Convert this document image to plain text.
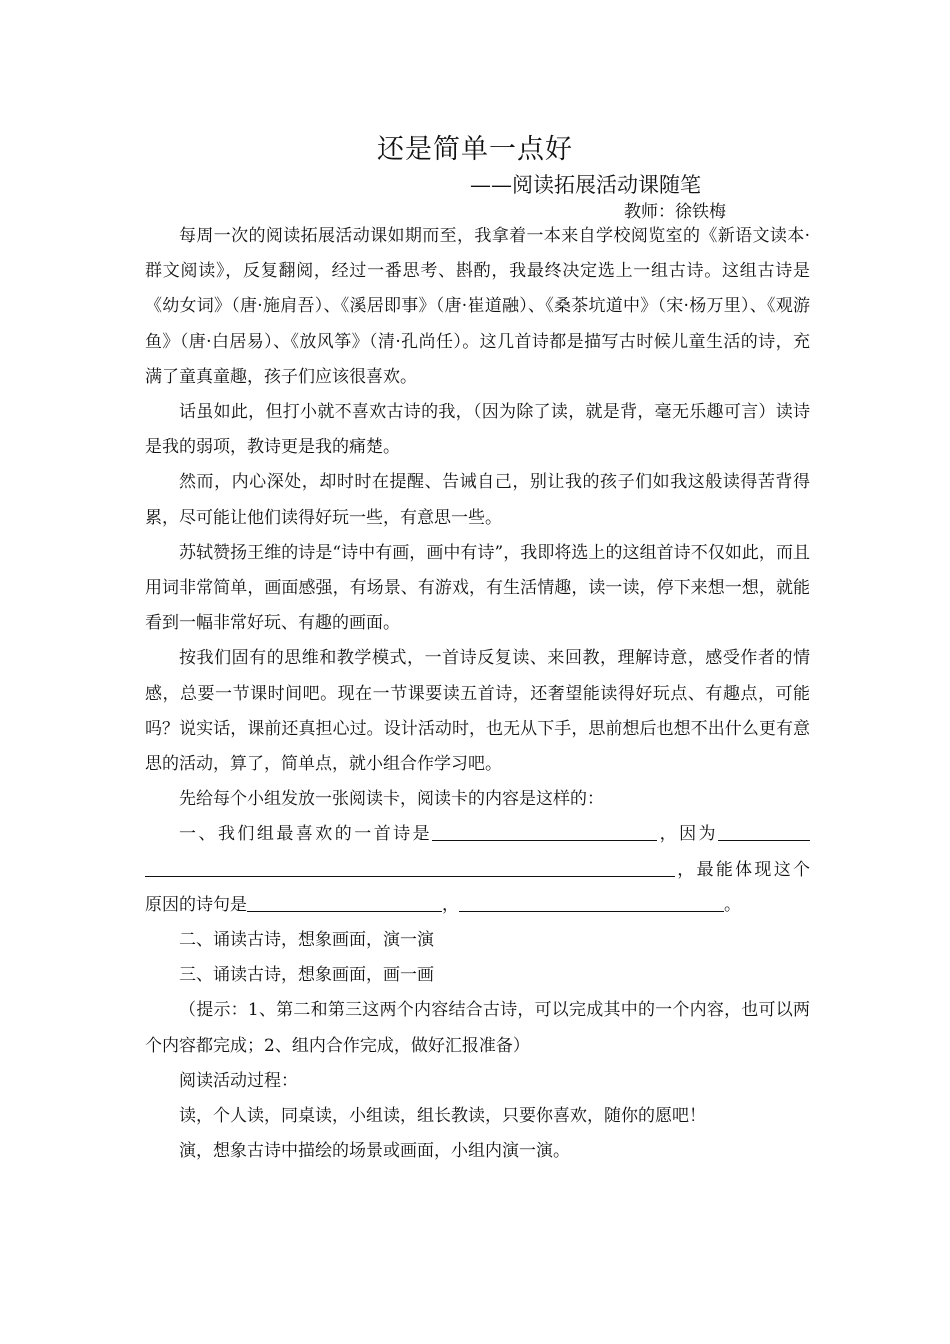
还是简单一点好
——阅读拓展活动课随笔
教师：徐铁梅

每周一次的阅读拓展活动课如期而至，我拿着一本来自学校阅览室的《新语文读本·群文阅读》，反复翻阅，经过一番思考、斟酌，我最终决定选上一组古诗。这组古诗是《幼女词》（唐·施肩吾）、《溪居即事》（唐·崔道融）、《桑茶坑道中》（宋·杨万里）、《观游鱼》（唐·白居易）、《放风筝》（清·孔尚任）。这几首诗都是描写古时候儿童生活的诗，充满了童真童趣，孩子们应该很喜欢。

话虽如此，但打小就不喜欢古诗的我，（因为除了读，就是背，毫无乐趣可言）读诗是我的弱项，教诗更是我的痛楚。

然而，内心深处，却时时在提醒、告诫自己，别让我的孩子们如我这般读得苦背得累，尽可能让他们读得好玩一些，有意思一些。

苏轼赞扬王维的诗是“诗中有画，画中有诗”，我即将选上的这组首诗不仅如此，而且用词非常简单，画面感强，有场景、有游戏，有生活情趣，读一读，停下来想一想，就能看到一幅非常好玩、有趣的画面。

按我们固有的思维和教学模式，一首诗反复读、来回教，理解诗意，感受作者的情感，总要一节课时间吧。现在一节课要读五首诗，还奢望能读得好玩点、有趣点，可能吗？说实话，课前还真担心过。设计活动时，也无从下手，思前想后也想不出什么更有意思的活动，算了，简单点，就小组合作学习吧。

先给每个小组发放一张阅读卡，阅读卡的内容是这样的：

一、我们组最喜欢的一首诗是	，因为，最能体现这个原因的诗句是	，	。

二、诵读古诗，想象画面，演一演

三、诵读古诗，想象画面，画一画

（提示：1、第二和第三这两个内容结合古诗，可以完成其中的一个内容，也可以两个内容都完成；2、组内合作完成，做好汇报准备）

阅读活动过程：

读，个人读，同桌读，小组读，组长教读，只要你喜欢，随你的愿吧！

演，想象古诗中描绘的场景或画面，小组内演一演。
